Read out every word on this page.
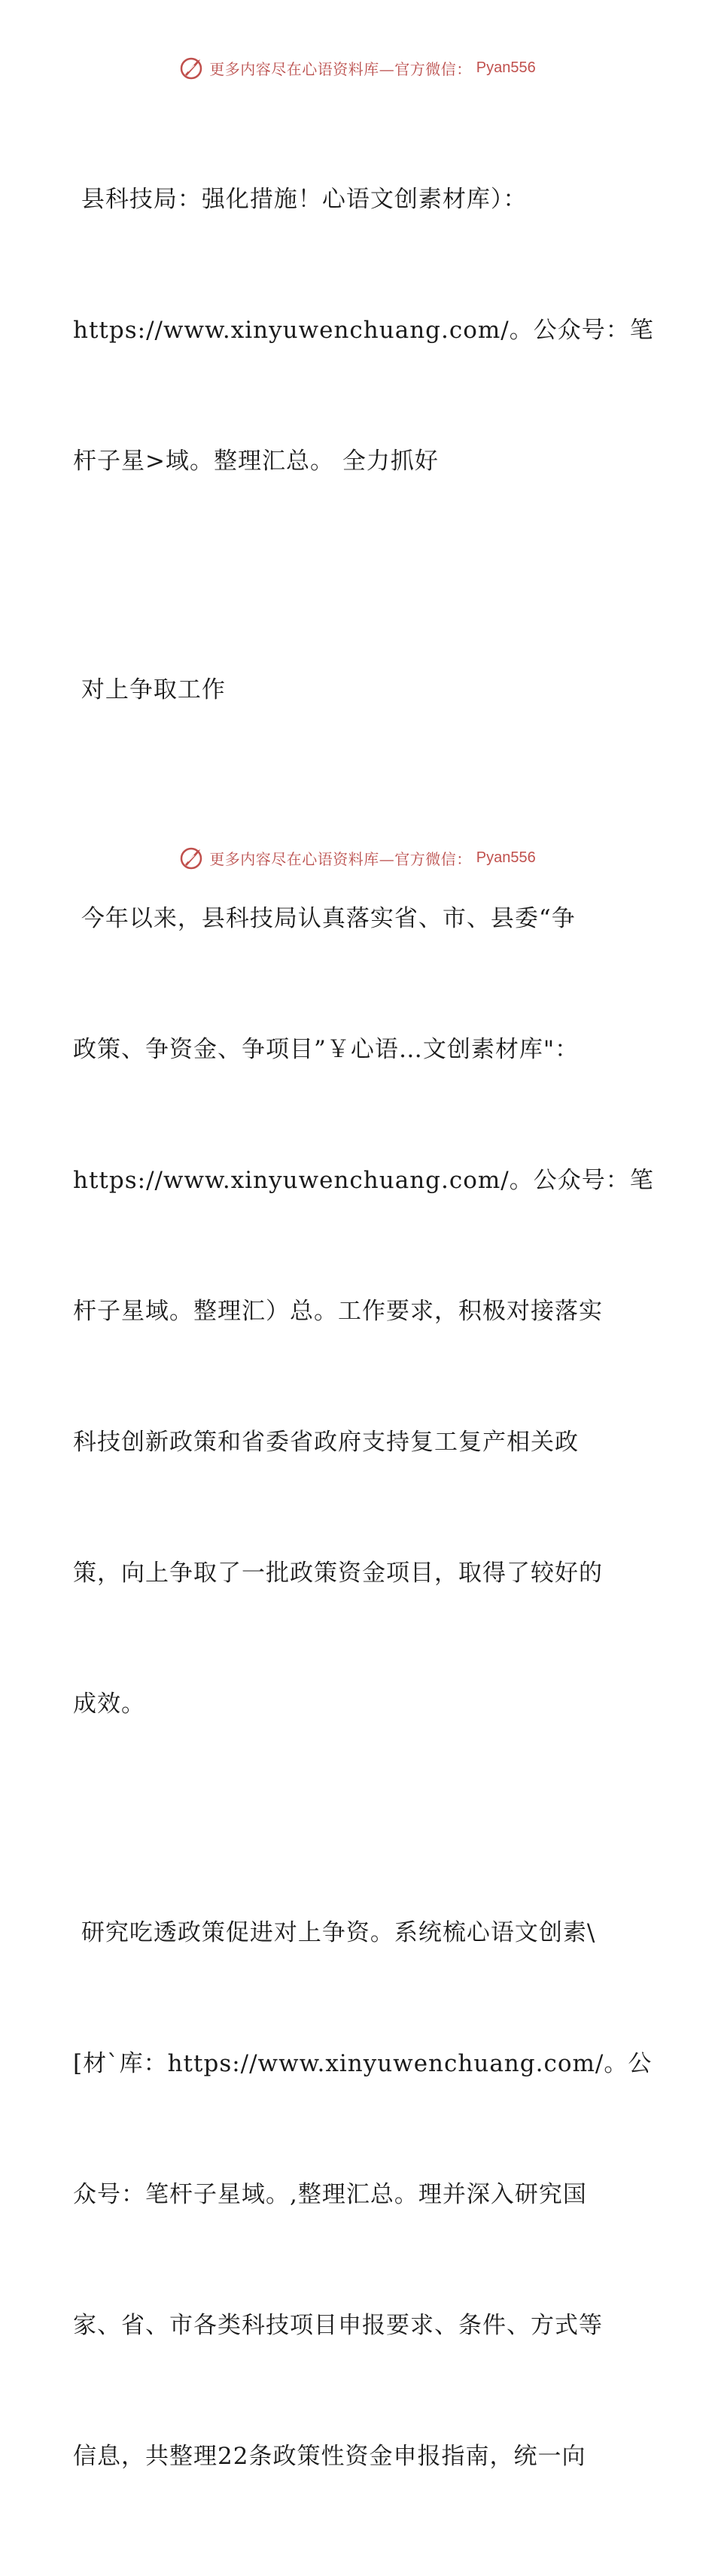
更多内容尽在心语资料库—官方微信： Pyan556

县科技局：强化措施！心语文创素材库）：

https://www.xinyuwenchuang.com/。公众号：笔

杆子星>域。整理汇总。 全力抓好

对上争取工作

今年以来，县科技局认真落实省、市、县委“争

政策、争资金、争项目”￥心语…文创素材库"：

https://www.xinyuwenchuang.com/。公众号：笔

杆子星域。整理汇）总。工作要求，积极对接落实

科技创新政策和省委省政府支持复工复产相关政

策，向上争取了一批政策资金项目，取得了较好的

成效。

研究吃透政策促进对上争资。系统梳心语文创素\

[材`库：https://www.xinyuwenchuang.com/。公

众号：笔杆子星域。,整理汇总。理并深入研究国

家、省、市各类科技项目申报要求、条件、方式等

信息，共整理22条政策性资金申报指南，统一向

更多内容尽在心语资料库—官方微信： Pyan556
